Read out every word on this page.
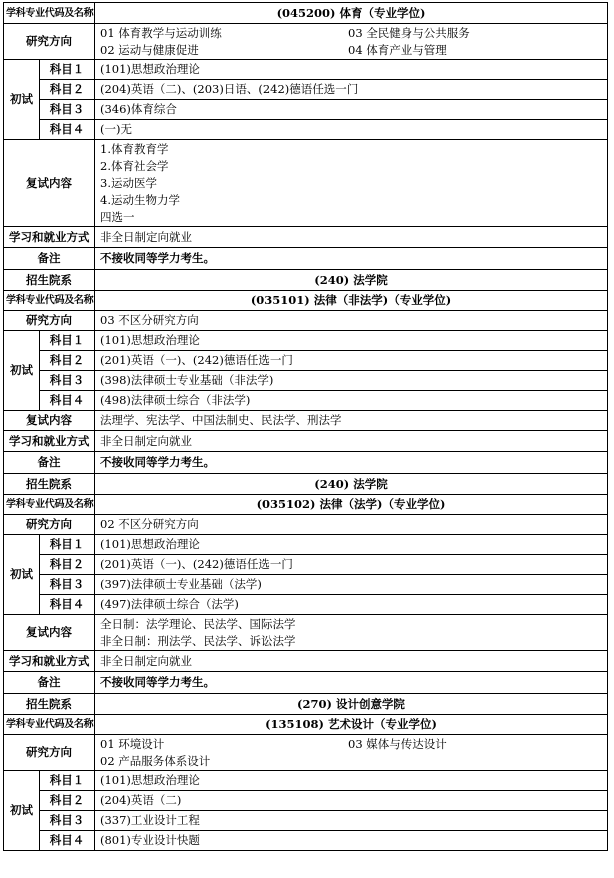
学科专业代码及名称		(045200) 体育（专业学位)
研究方向		01 体育教学与运动训练 03 全民健身与公共服务
02 运动与健康促进 04 体育产业与管理

初试	科目１	(101)思想政治理论
	科目２	(204)英语（二)、(203)日语、(242)德语任选一门
	科目３	(346)体育综合
	科目４	(一)无
复试内容		1.体育教育学
2.体育社会学
3.运动医学
4.运动生物力学
四选一

学习和就业方式		非全日制定向就业
备注		不接收同等学力考生。
招生院系		(240) 法学院
学科专业代码及名称		(035101) 法律（非法学)（专业学位)
研究方向		03 不区分研究方向
初试	科目１	(101)思想政治理论
	科目２	(201)英语（一)、(242)德语任选一门
	科目３	(398)法律硕士专业基础（非法学)
	科目４	(498)法律硕士综合（非法学)
复试内容		法理学、宪法学、中国法制史、民法学、刑法学
学习和就业方式		非全日制定向就业
备注		不接收同等学力考生。
招生院系		(240) 法学院
学科专业代码及名称		(035102) 法律（法学)（专业学位)
研究方向		02 不区分研究方向
初试	科目１	(101)思想政治理论
	科目２	(201)英语（一)、(242)德语任选一门
	科目３	(397)法律硕士专业基础（法学)
	科目４	(497)法律硕士综合（法学)
复试内容		全日制：法学理论、民法学、国际法学
非全日制：刑法学、民法学、诉讼法学

学习和就业方式		非全日制定向就业
备注		不接收同等学力考生。
招生院系		(270) 设计创意学院
学科专业代码及名称		(135108) 艺术设计（专业学位)
研究方向		01 环境设计 03 媒体与传达设计
02 产品服务体系设计

初试	科目１	(101)思想政治理论
	科目２	(204)英语（二)
	科目３	(337)工业设计工程
	科目４	(801)专业设计快题
